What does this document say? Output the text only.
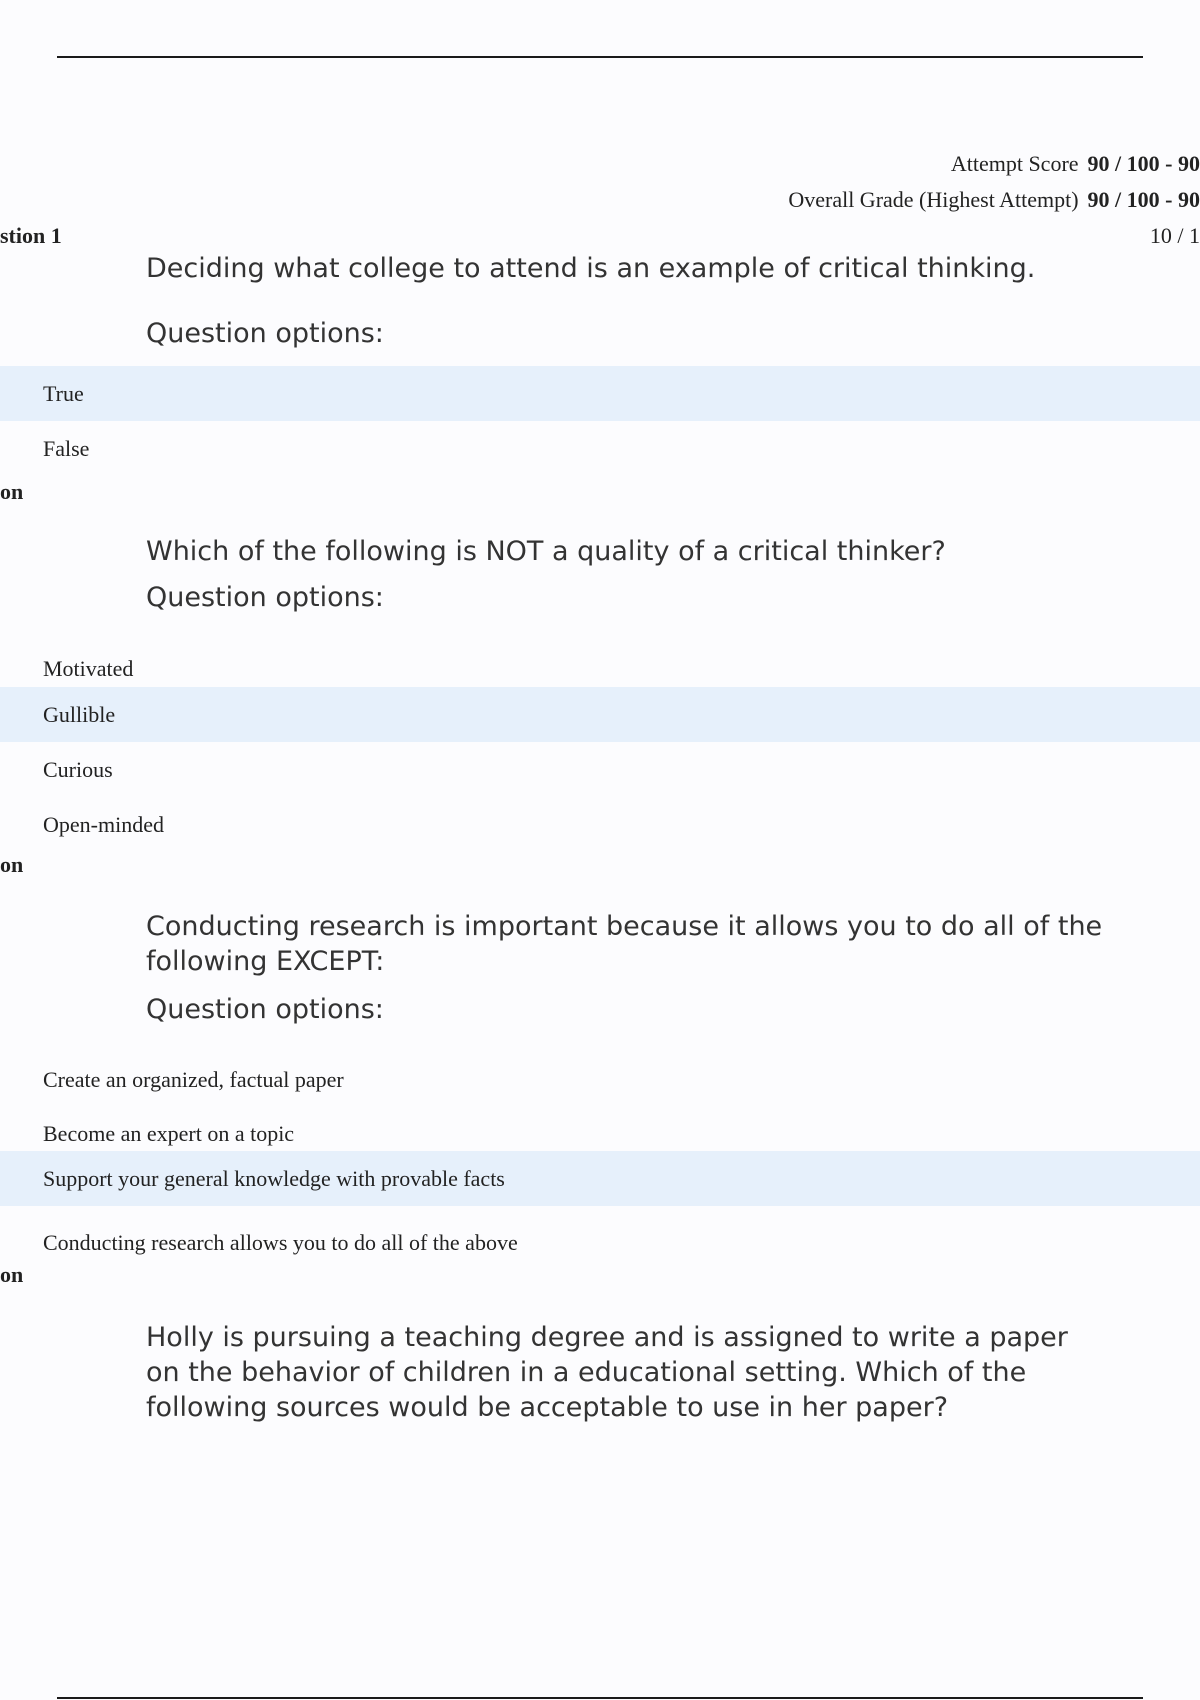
Attempt Score 90 / 100 - 90
Overall Grade (Highest Attempt) 90 / 100 - 90
stion 1	10 / 1
Deciding what college to attend is an example of critical thinking.
Question options:
True
False
on
Which of the following is NOT a quality of a critical thinker?
Question options:
Motivated
Gullible
Curious
Open-minded
on
Conducting research is important because it allows you to do all of the following EXCEPT:
Question options:
Create an organized, factual paper
Become an expert on a topic
Support your general knowledge with provable facts
Conducting research allows you to do all of the above
on
Holly is pursuing a teaching degree and is assigned to write a paper on the behavior of children in a educational setting. Which of the following sources would be acceptable to use in her paper?
